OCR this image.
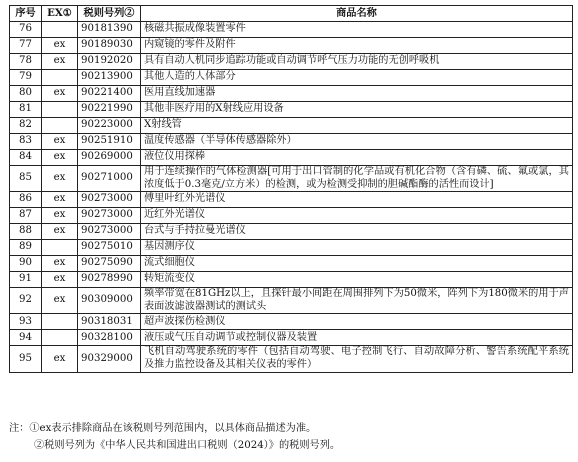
序号	EX①	税则号列②	商品名称
76		90181390	核磁共振成像装置零件
77	ex	90189030	内窥镜的零件及附件
78	ex	90192020	具有自动人机同步追踪功能或自动调节呼气压力功能的无创呼吸机
79		90213900	其他人造的人体部分
80	ex	90221400	医用直线加速器
81		90221990	其他非医疗用的X射线应用设备
82		90223000	X射线管
83	ex	90251910	温度传感器（半导体传感器除外）
84	ex	90269000	液位仪用探棒
85	ex	90271000	用于连续操作的气体检测器[可用于出口管制的化学品或有机化合物（含有磷、硫、氟或氯，其浓度低于0.3毫克/立方米）的检测，或为检测受抑制的胆碱酯酶的活性而设计]
86	ex	90273000	傅里叶红外光谱仪
87	ex	90273000	近红外光谱仪
88	ex	90273000	台式与手持拉曼光谱仪
89		90275010	基因测序仪
90	ex	90275090	流式细胞仪
91	ex	90278990	转矩流变仪
92	ex	90309000	频率带宽在81GHz以上，且探针最小间距在周围排列下为50微米，阵列下为180微米的用于声表面波滤波器测试的测试头
93		90318031	超声波探伤检测仪
94		90328100	液压或气压自动调节或控制仪器及装置
95	ex	90329000	飞机自动驾驶系统的零件（包括自动驾驶、电子控制飞行、自动故障分析、警告系统配平系统及推力监控设备及其相关仪表的零件）
注：①ex表示排除商品在该税则号列范围内，以具体商品描述为准。
②税则号列为《中华人民共和国进出口税则（2024）》的税则号列。
